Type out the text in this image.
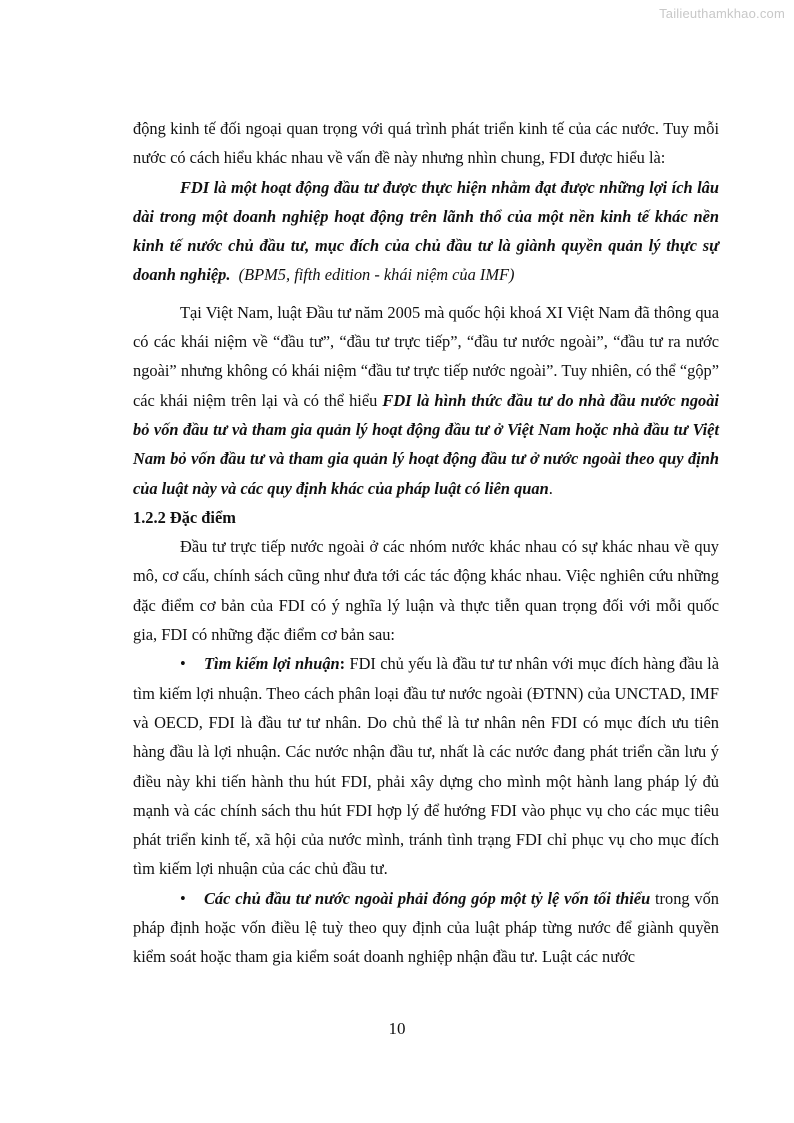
Tailieuthamkhao.com

động kinh tế đối ngoại quan trọng với quá trình phát triển kinh tế của các nước. Tuy mỗi nước có cách hiểu khác nhau về vấn đề này nhưng nhìn chung, FDI được hiểu là:

FDI là một hoạt động đầu tư được thực hiện nhằm đạt được những lợi ích lâu dài trong một doanh nghiệp hoạt động trên lãnh thổ của một nền kinh tế khác nền kinh tế nước chủ đầu tư, mục đích của chủ đầu tư là giành quyền quản lý thực sự doanh nghiệp. (BPM5, fifth edition - khái niệm của IMF)

Tại Việt Nam, luật Đầu tư năm 2005 mà quốc hội khoá XI Việt Nam đã thông qua có các khái niệm về “đầu tư”, “đầu tư trực tiếp”, “đầu tư nước ngoài”, “đầu tư ra nước ngoài” nhưng không có khái niệm “đầu tư trực tiếp nước ngoài”. Tuy nhiên, có thể “gộp” các khái niệm trên lại và có thể hiểu FDI là hình thức đầu tư do nhà đầu nước ngoài bỏ vốn đầu tư và tham gia quản lý hoạt động đầu tư ở Việt Nam hoặc nhà đầu tư Việt Nam bỏ vốn đầu tư và tham gia quản lý hoạt động đầu tư ở nước ngoài theo quy định của luật này và các quy định khác của pháp luật có liên quan.

1.2.2 Đặc điểm

Đầu tư trực tiếp nước ngoài ở các nhóm nước khác nhau có sự khác nhau về quy mô, cơ cấu, chính sách cũng như đưa tới các tác động khác nhau. Việc nghiên cứu những đặc điểm cơ bản của FDI có ý nghĩa lý luận và thực tiễn quan trọng đối với mỗi quốc gia, FDI có những đặc điểm cơ bản sau:

• Tìm kiếm lợi nhuận: FDI chủ yếu là đầu tư tư nhân với mục đích hàng đầu là tìm kiếm lợi nhuận. Theo cách phân loại đầu tư nước ngoài (ĐTNN) của UNCTAD, IMF và OECD, FDI là đầu tư tư nhân. Do chủ thể là tư nhân nên FDI có mục đích ưu tiên hàng đầu là lợi nhuận. Các nước nhận đầu tư, nhất là các nước đang phát triển cần lưu ý điều này khi tiến hành thu hút FDI, phải xây dựng cho mình một hành lang pháp lý đủ mạnh và các chính sách thu hút FDI hợp lý để hướng FDI vào phục vụ cho các mục tiêu phát triển kinh tế, xã hội của nước mình, tránh tình trạng FDI chỉ phục vụ cho mục đích tìm kiếm lợi nhuận của các chủ đầu tư.

• Các chủ đầu tư nước ngoài phải đóng góp một tỷ lệ vốn tối thiểu trong vốn pháp định hoặc vốn điều lệ tuỳ theo quy định của luật pháp từng nước để giành quyền kiểm soát hoặc tham gia kiểm soát doanh nghiệp nhận đầu tư. Luật các nước

10
